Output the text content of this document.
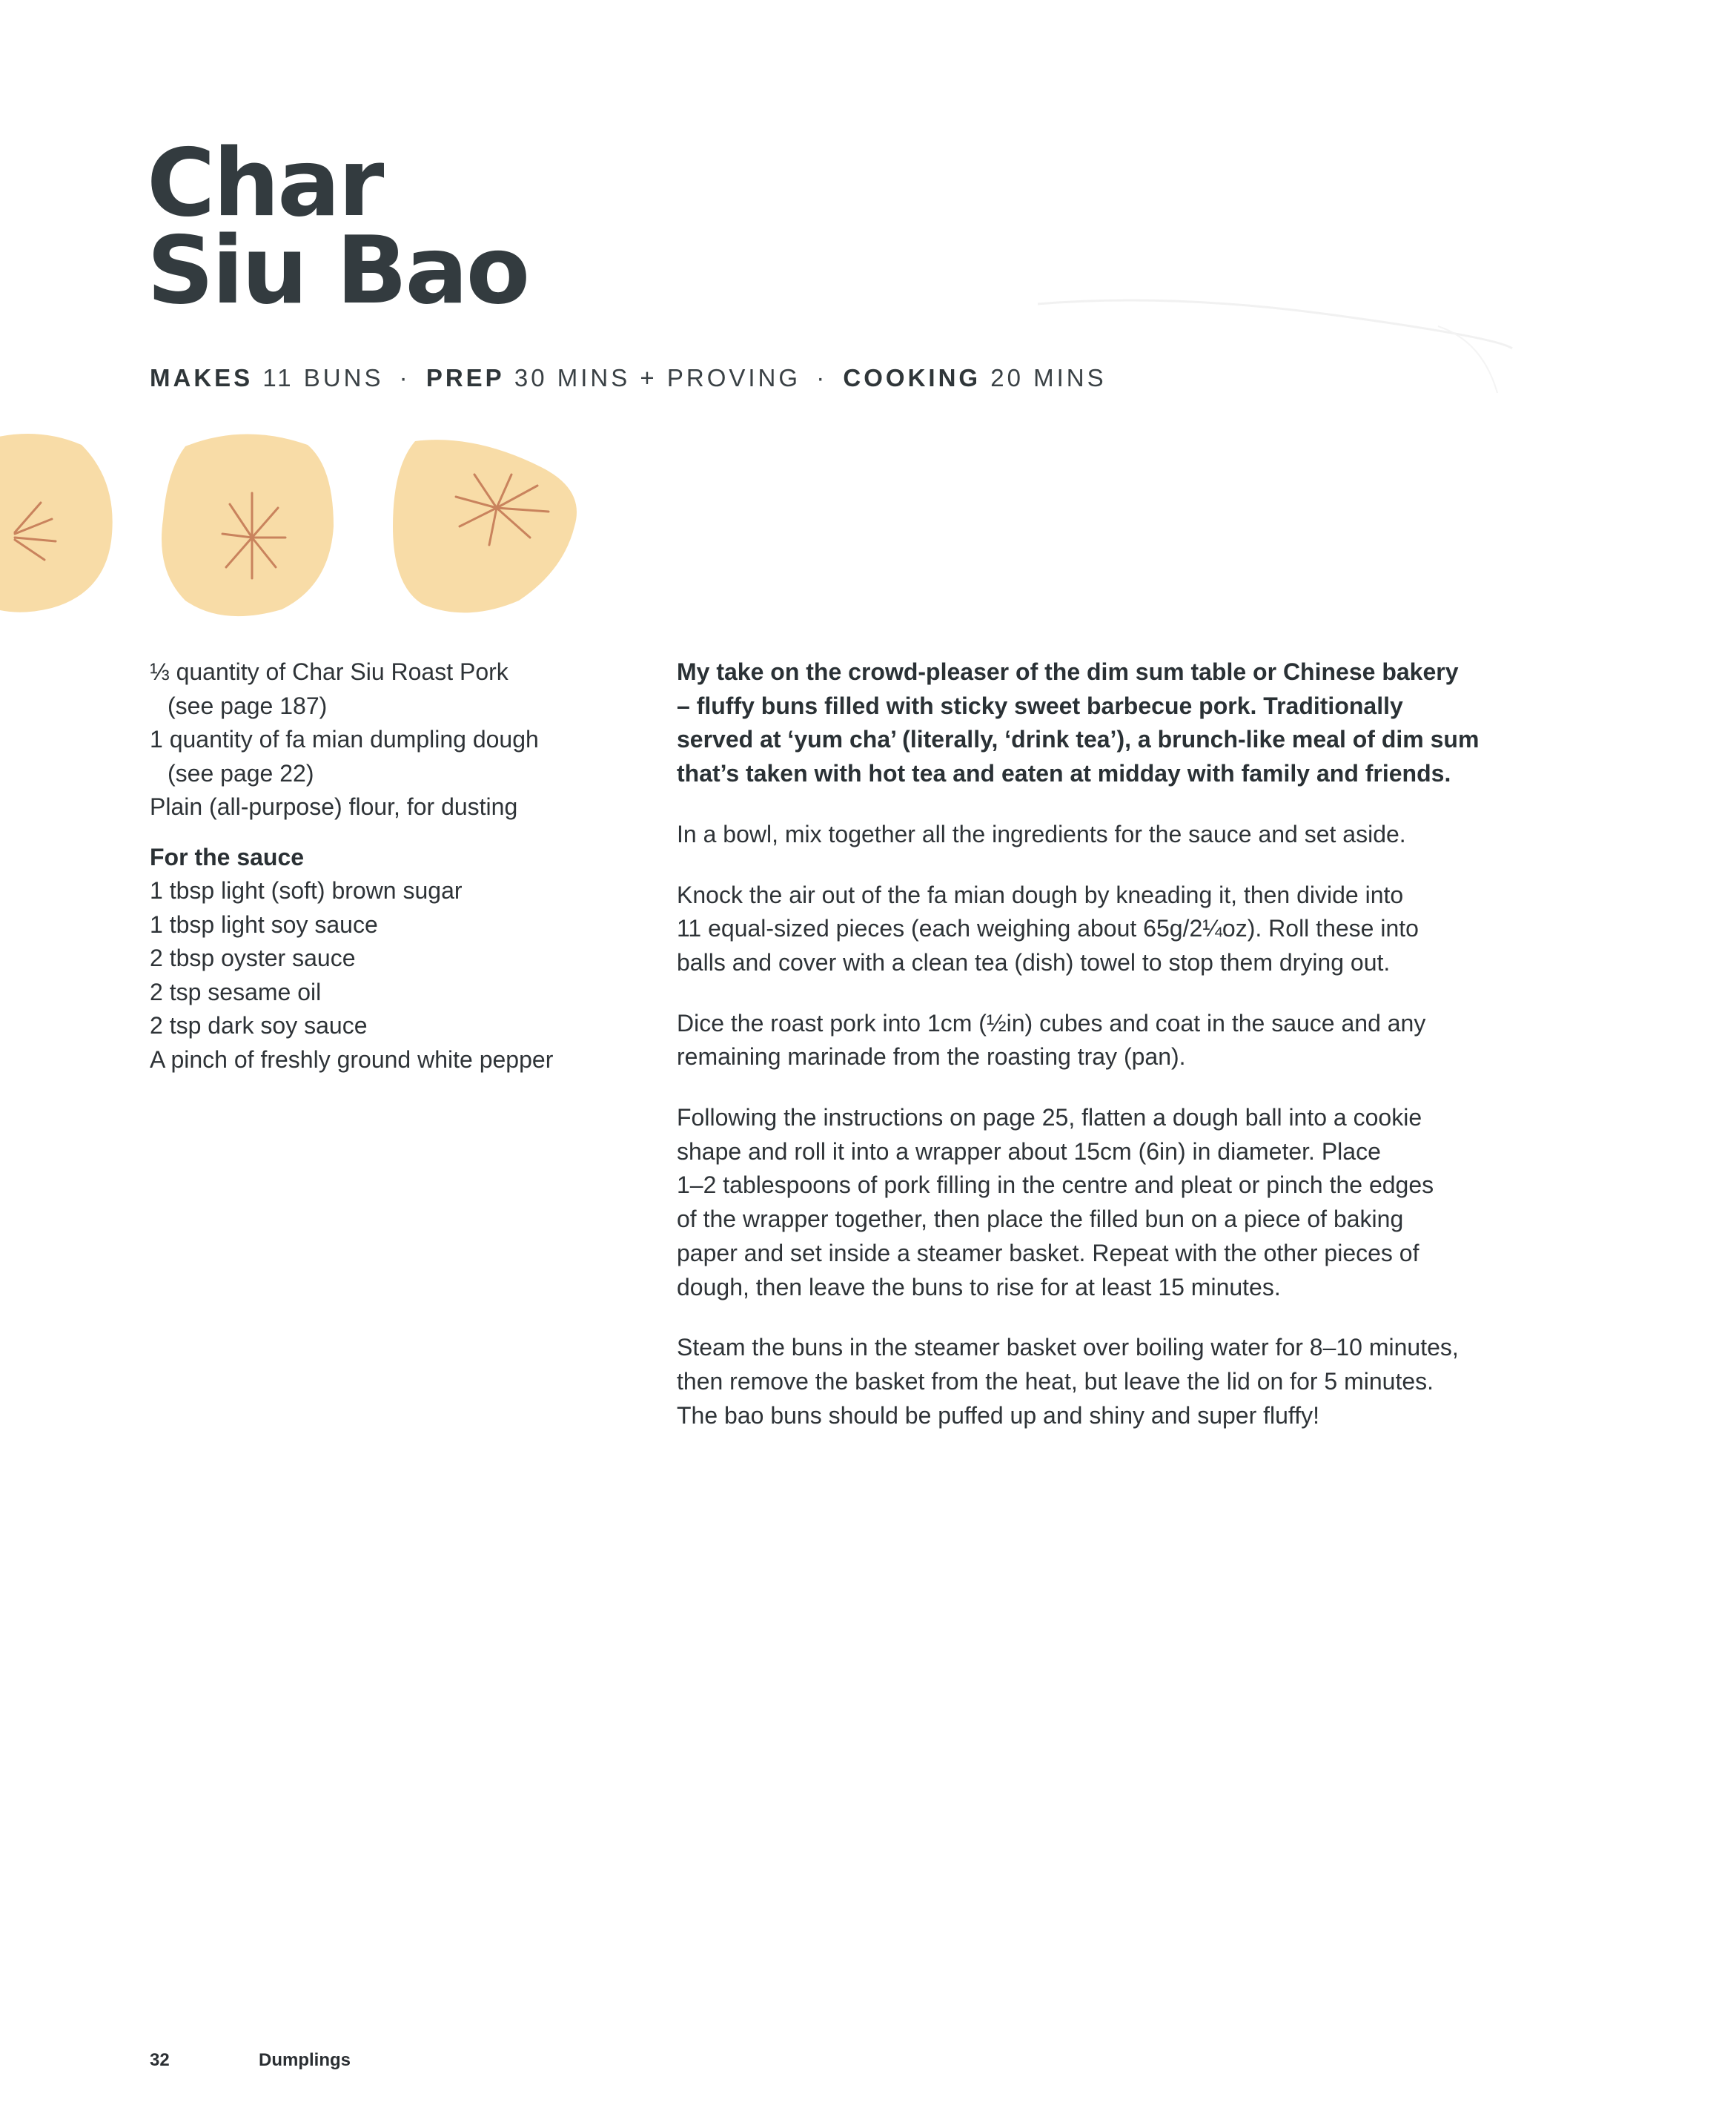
Char
Siu Bao
MAKES 11 BUNS · PREP 30 MINS + PROVING · COOKING 20 MINS
⅓ quantity of Char Siu Roast Pork
(see page 187)
1 quantity of fa mian dumpling dough
(see page 22)
Plain (all-purpose) flour, for dusting
For the sauce
1 tbsp light (soft) brown sugar
1 tbsp light soy sauce
2 tbsp oyster sauce
2 tsp sesame oil
2 tsp dark soy sauce
A pinch of freshly ground white pepper

My take on the crowd-pleaser of the dim sum table or Chinese bakery
– fluffy buns filled with sticky sweet barbecue pork. Traditionally
served at ‘yum cha’ (literally, ‘drink tea’), a brunch-like meal of dim sum
that’s taken with hot tea and eaten at midday with family and friends.

In a bowl, mix together all the ingredients for the sauce and set aside.

Knock the air out of the fa mian dough by kneading it, then divide into
11 equal-sized pieces (each weighing about 65g/2¼oz). Roll these into
balls and cover with a clean tea (dish) towel to stop them drying out.

Dice the roast pork into 1cm (½in) cubes and coat in the sauce and any
remaining marinade from the roasting tray (pan).

Following the instructions on page 25, flatten a dough ball into a cookie
shape and roll it into a wrapper about 15cm (6in) in diameter. Place
1–2 tablespoons of pork filling in the centre and pleat or pinch the edges
of the wrapper together, then place the filled bun on a piece of baking
paper and set inside a steamer basket. Repeat with the other pieces of
dough, then leave the buns to rise for at least 15 minutes.

Steam the buns in the steamer basket over boiling water for 8–10 minutes,
then remove the basket from the heat, but leave the lid on for 5 minutes.
The bao buns should be puffed up and shiny and super fluffy!

32	Dumplings
